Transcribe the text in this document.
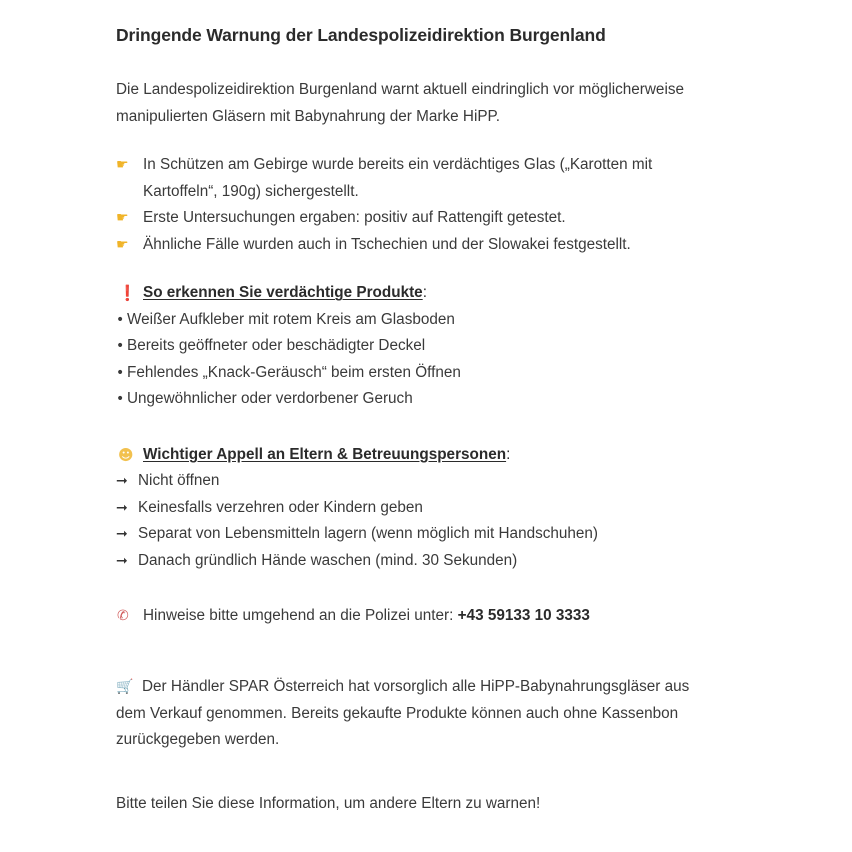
Dringende Warnung der Landespolizeidirektion Burgenland

Die Landespolizeidirektion Burgenland warnt aktuell eindringlich vor möglicherweise manipulierten Gläsern mit Babynahrung der Marke HiPP.

☛ In Schützen am Gebirge wurde bereits ein verdächtiges Glas („Karotten mit Kartoffeln“, 190g) sichergestellt.
☛ Erste Untersuchungen ergaben: positiv auf Rattengift getestet.
☛ Ähnliche Fälle wurden auch in Tschechien und der Slowakei festgestellt.
❗ So erkennen Sie verdächtige Produkte:
• Weißer Aufkleber mit rotem Kreis am Glasboden
• Bereits geöffneter oder beschädigter Deckel
• Fehlendes „Knack-Geräusch“ beim ersten Öffnen
• Ungewöhnlicher oder verdorbener Geruch
☻ Wichtiger Appell an Eltern & Betreuungspersonen:
➞ Nicht öffnen
➞ Keinesfalls verzehren oder Kindern geben
➞ Separat von Lebensmitteln lagern (wenn möglich mit Handschuhen)
➞ Danach gründlich Hände waschen (mind. 30 Sekunden)
✆ Hinweise bitte umgehend an die Polizei unter: +43 59133 10 3333

🛒 Der Händler SPAR Österreich hat vorsorglich alle HiPP-Babynahrungsgläser aus dem Verkauf genommen. Bereits gekaufte Produkte können auch ohne Kassenbon zurückgegeben werden.

Bitte teilen Sie diese Information, um andere Eltern zu warnen!
